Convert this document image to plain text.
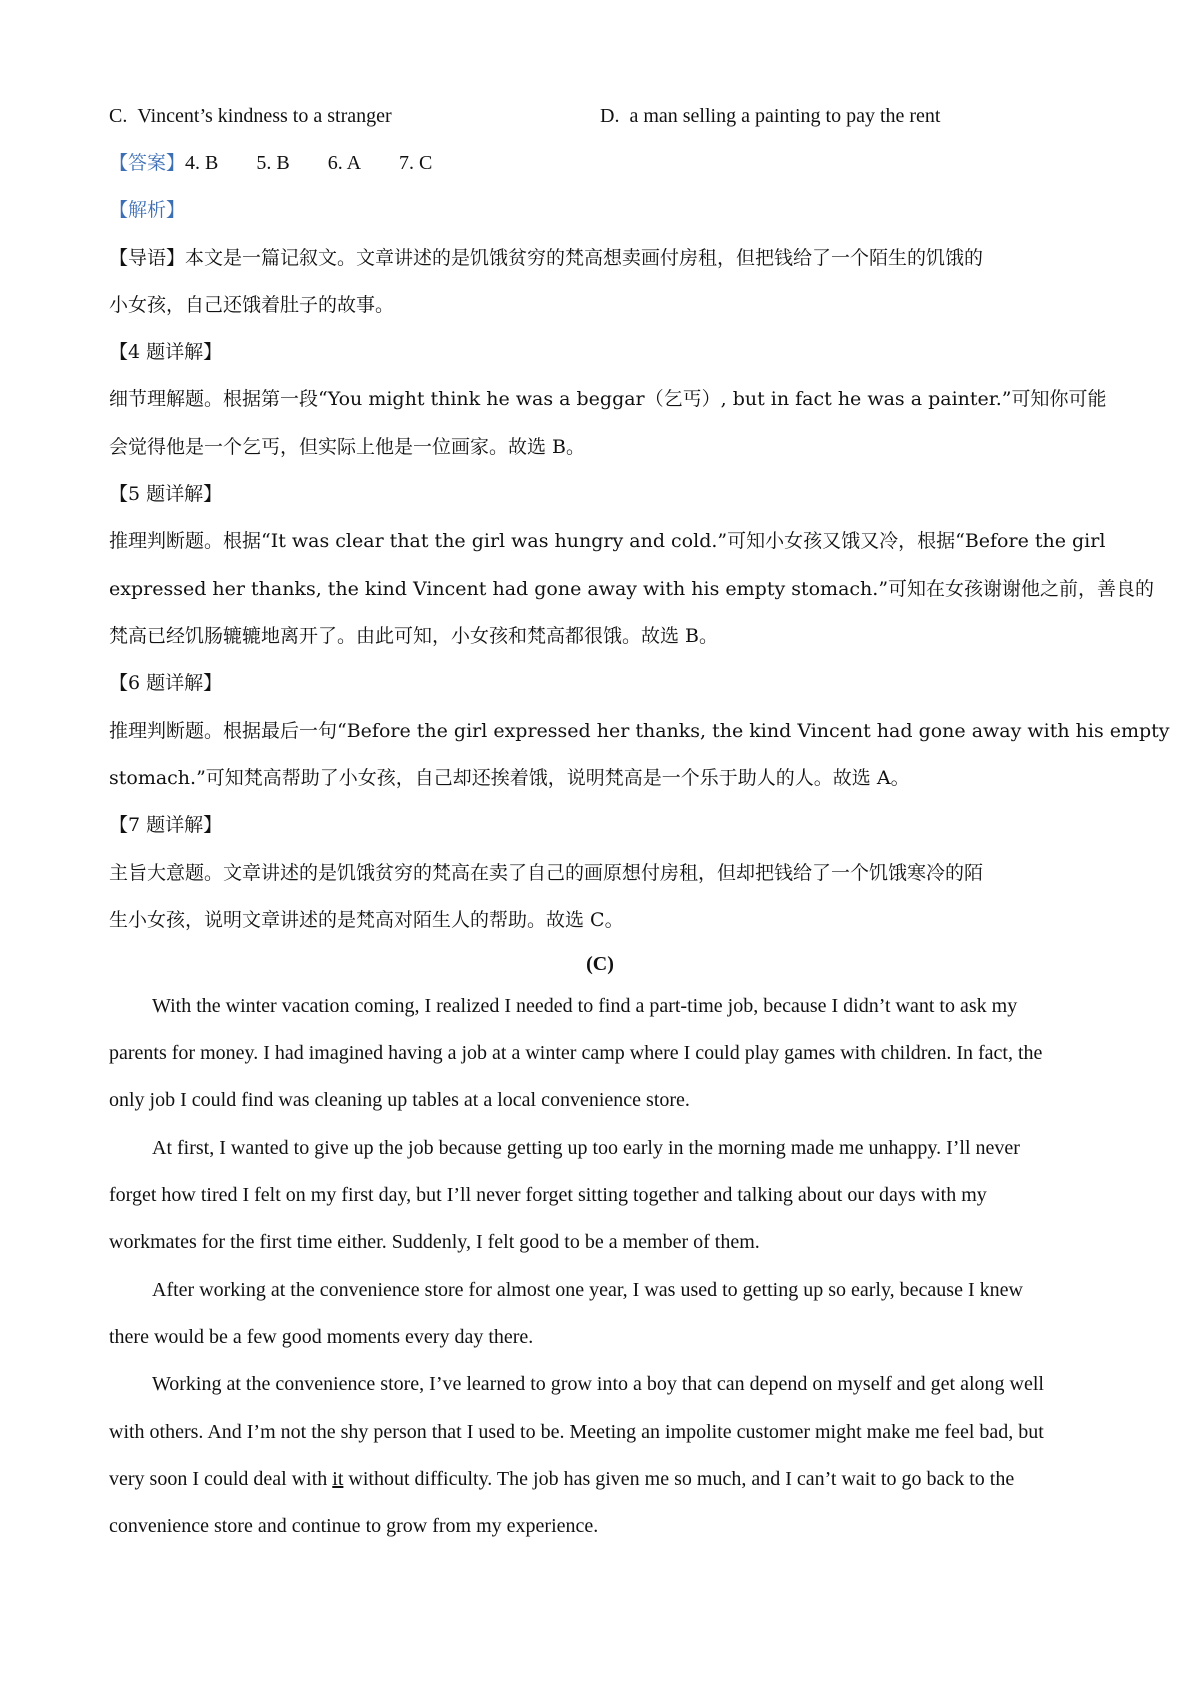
C. Vincent’s kindness to a stranger	D. a man selling a painting to pay the rent
【答案】4. B 5. B 6. A 7. C
【解析】
【导语】本文是一篇记叙文。文章讲述的是饥饿贫穷的梵高想卖画付房租，但把钱给了一个陌生的饥饿的
小女孩，自己还饿着肚子的故事。
【4 题详解】
细节理解题。根据第一段“You might think he was a beggar（乞丐）, but in fact he was a painter.”可知你可能
会觉得他是一个乞丐，但实际上他是一位画家。故选 B。
【5 题详解】
推理判断题。根据“It was clear that the girl was hungry and cold.”可知小女孩又饿又冷，根据“Before the girl
expressed her thanks, the kind Vincent had gone away with his empty stomach.”可知在女孩谢谢他之前，善良的
梵高已经饥肠辘辘地离开了。由此可知，小女孩和梵高都很饿。故选 B。
【6 题详解】
推理判断题。根据最后一句“Before the girl expressed her thanks, the kind Vincent had gone away with his empty
stomach.”可知梵高帮助了小女孩，自己却还挨着饿，说明梵高是一个乐于助人的人。故选 A。
【7 题详解】
主旨大意题。文章讲述的是饥饿贫穷的梵高在卖了自己的画原想付房租，但却把钱给了一个饥饿寒冷的陌
生小女孩，说明文章讲述的是梵高对陌生人的帮助。故选 C。
(C)
With the winter vacation coming, I realized I needed to find a part-time job, because I didn’t want to ask my
parents for money. I had imagined having a job at a winter camp where I could play games with children. In fact, the
only job I could find was cleaning up tables at a local convenience store.
At first, I wanted to give up the job because getting up too early in the morning made me unhappy. I’ll never
forget how tired I felt on my first day, but I’ll never forget sitting together and talking about our days with my
workmates for the first time either. Suddenly, I felt good to be a member of them.
After working at the convenience store for almost one year, I was used to getting up so early, because I knew
there would be a few good moments every day there.
Working at the convenience store, I’ve learned to grow into a boy that can depend on myself and get along well
with others. And I’m not the shy person that I used to be. Meeting an impolite customer might make me feel bad, but
very soon I could deal with it without difficulty. The job has given me so much, and I can’t wait to go back to the
convenience store and continue to grow from my experience.
